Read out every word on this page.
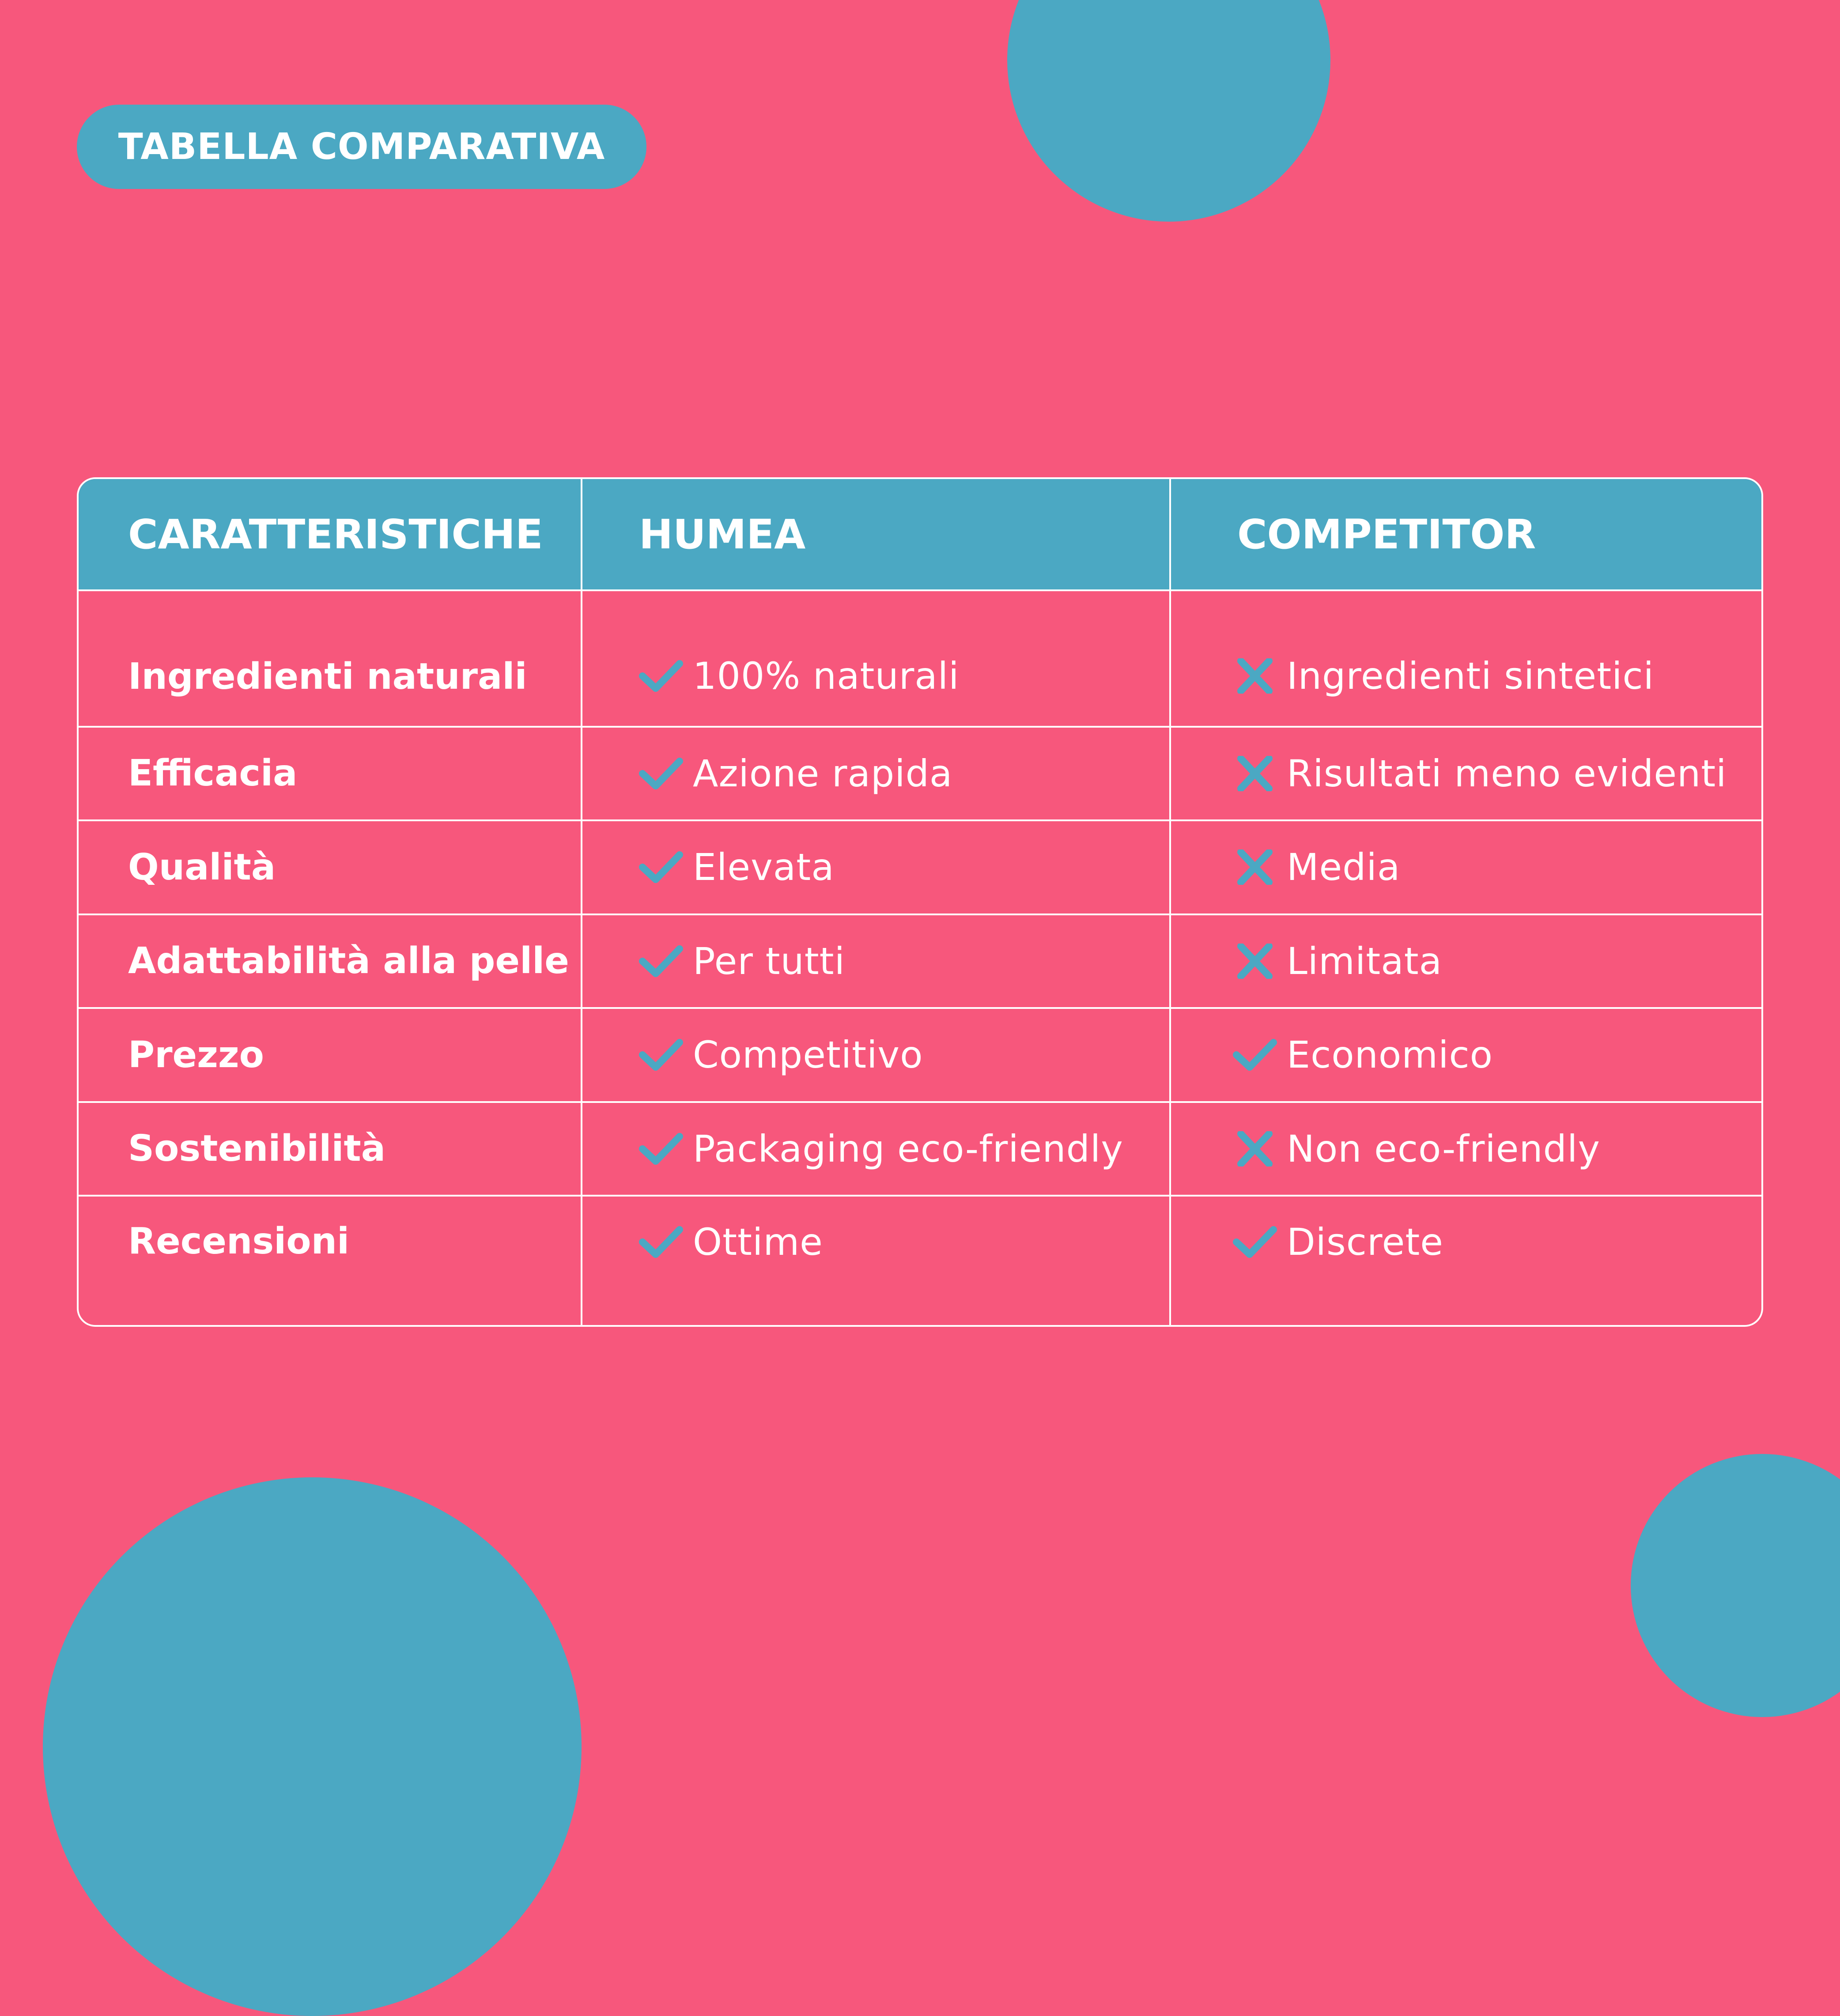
TABELLA COMPARATIVA
CARATTERISTICHE	HUMEA	COMPETITOR
Ingredienti naturali	100% naturali	Ingredienti sintetici

Efficacia	Azione rapida	Risultati meno evidenti

Qualità	Elevata	Media

Adattabilità alla pelle	Per tutti	Limitata

Prezzo	Competitivo	Economico

Sostenibilità	Packaging eco-friendly	Non eco-friendly

Recensioni	Ottime	Discrete
